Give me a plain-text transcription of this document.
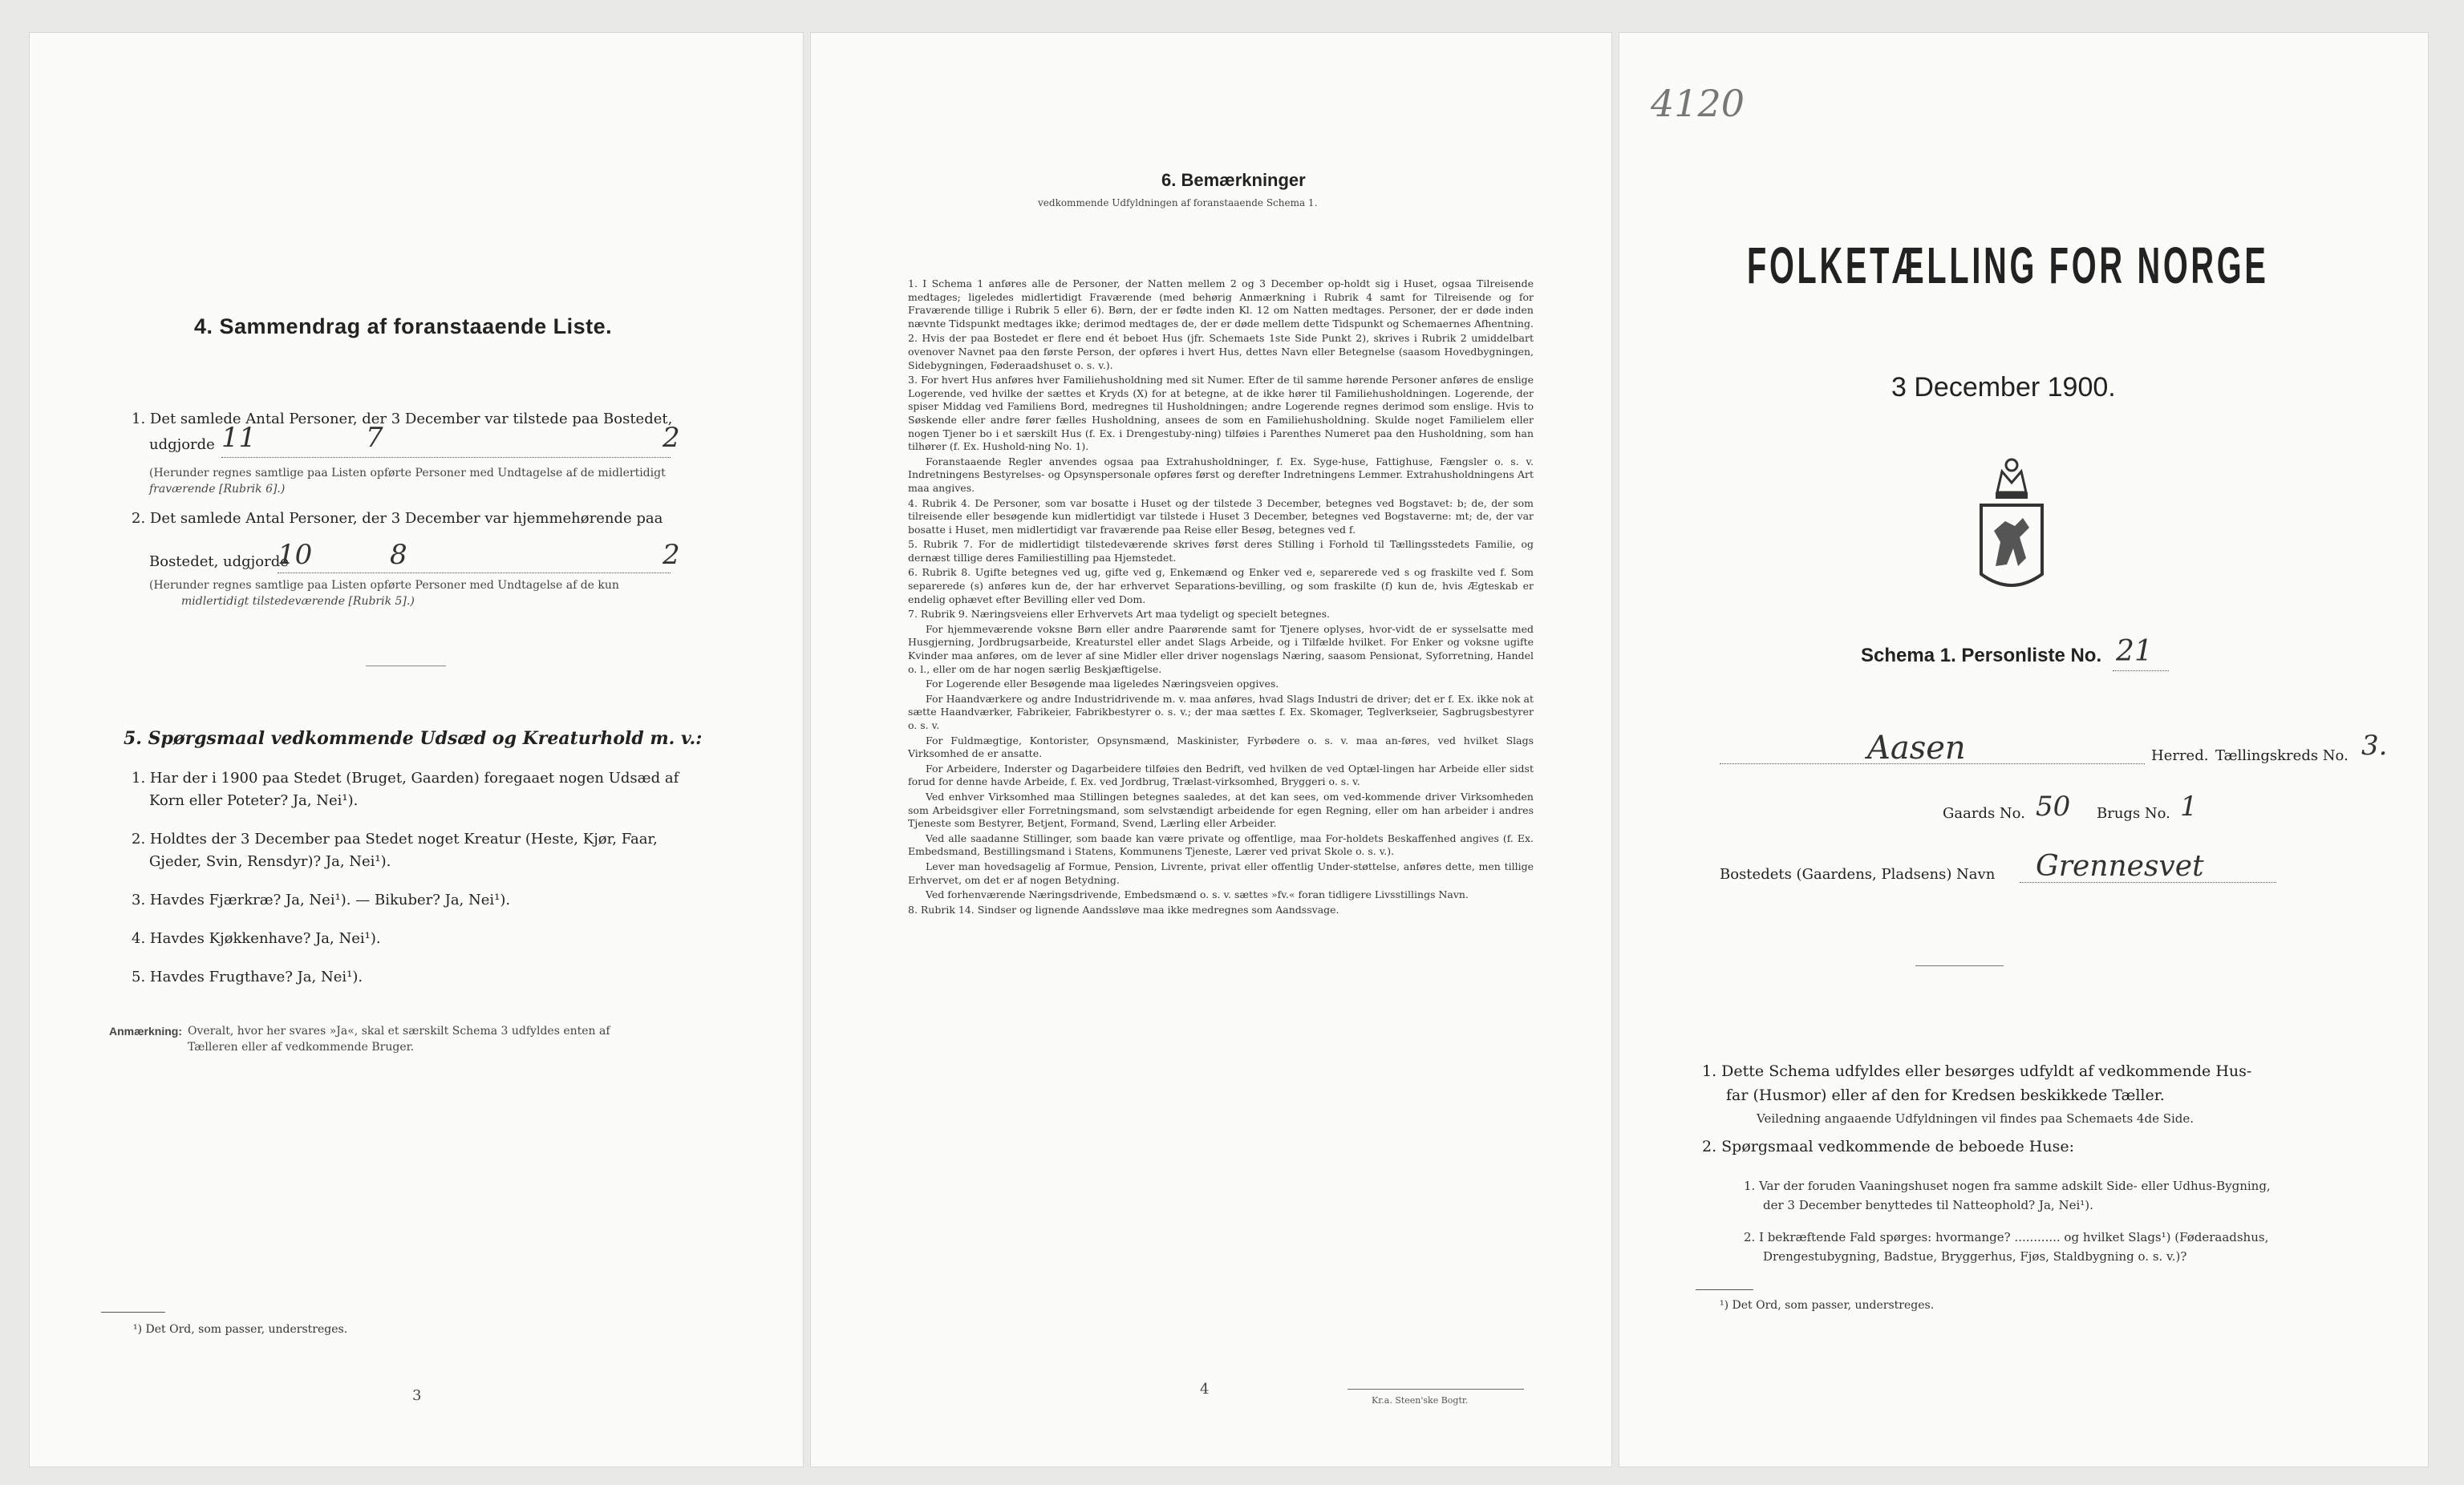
4. Sammendrag af foranstaaende Liste.
1. Det samlede Antal Personer, der 3 December var tilstede paa Bostedet,
udgjorde 11	7	2
(Herunder regnes samtlige paa Listen opførte Personer med Undtagelse af de midlertidigt
fraværende [Rubrik 6].)
2. Det samlede Antal Personer, der 3 December var hjemmehørende paa
Bostedet, udgjorde
10	8	2
(Herunder regnes samtlige paa Listen opførte Personer med Undtagelse af de kun
midlertidigt tilstedeværende [Rubrik 5].)
5. Spørgsmaal vedkommende Udsæd og Kreaturhold m. v.:
1. Har der i 1900 paa Stedet (Bruget, Gaarden) foregaaet nogen Udsæd af
Korn eller Poteter? Ja, Nei¹).
2. Holdtes der 3 December paa Stedet noget Kreatur (Heste, Kjør, Faar,
Gjeder, Svin, Rensdyr)? Ja, Nei¹).
3. Havdes Fjærkræ? Ja, Nei¹). — Bikuber? Ja, Nei¹).
4. Havdes Kjøkkenhave? Ja, Nei¹).
5. Havdes Frugthave? Ja, Nei¹).
Anmærkning: Overalt, hvor her svares »Ja«, skal et særskilt Schema 3 udfyldes enten af
Tælleren eller af vedkommende Bruger.
¹) Det Ord, som passer, understreges.
3
6. Bemærkninger
vedkommende Udfyldningen af foranstaaende Schema 1.

1. I Schema 1 anføres alle de Personer, der Natten mellem 2 og 3 December op-holdt sig i Huset, ogsaa Tilreisende medtages; ligeledes midlertidigt Fraværende (med behørig Anmærkning i Rubrik 4 samt for Tilreisende og for Fraværende tillige i Rubrik 5 eller 6). Børn, der er fødte inden Kl. 12 om Natten medtages. Personer, der er døde inden nævnte Tidspunkt medtages ikke; derimod medtages de, der er døde mellem dette Tidspunkt og Schemaernes Afhentning.

2. Hvis der paa Bostedet er flere end ét beboet Hus (jfr. Schemaets 1ste Side Punkt 2), skrives i Rubrik 2 umiddelbart ovenover Navnet paa den første Person, der opføres i hvert Hus, dettes Navn eller Betegnelse (saasom Hovedbygningen, Sidebygningen, Føderaadshuset o. s. v.).

3. For hvert Hus anføres hver Familiehusholdning med sit Numer. Efter de til samme hørende Personer anføres de enslige Logerende, ved hvilke der sættes et Kryds (X) for at betegne, at de ikke hører til Familiehusholdningen. Logerende, der spiser Middag ved Familiens Bord, medregnes til Husholdningen; andre Logerende regnes derimod som enslige. Hvis to Søskende eller andre fører fælles Husholdning, ansees de som en Familiehusholdning. Skulde noget Familielem eller nogen Tjener bo i et særskilt Hus (f. Ex. i Drengestuby-ning) tilføies i Parenthes Numeret paa den Husholdning, som han tilhører (f. Ex. Hushold-ning No. 1).

Foranstaaende Regler anvendes ogsaa paa Extrahusholdninger, f. Ex. Syge-huse, Fattighuse, Fængsler o. s. v. Indretningens Bestyrelses- og Opsynspersonale opføres først og derefter Indretningens Lemmer. Extrahusholdningens Art maa angives.

4. Rubrik 4. De Personer, som var bosatte i Huset og der tilstede 3 December, betegnes ved Bogstavet: b; de, der som tilreisende eller besøgende kun midlertidigt var tilstede i Huset 3 December, betegnes ved Bogstaverne: mt; de, der var bosatte i Huset, men midlertidigt var fraværende paa Reise eller Besøg, betegnes ved f.

5. Rubrik 7. For de midlertidigt tilstedeværende skrives først deres Stilling i Forhold til Tællingsstedets Familie, og dernæst tillige deres Familiestilling paa Hjemstedet.

6. Rubrik 8. Ugifte betegnes ved ug, gifte ved g, Enkemænd og Enker ved e, separerede ved s og fraskilte ved f. Som separerede (s) anføres kun de, der har erhvervet Separations-bevilling, og som fraskilte (f) kun de, hvis Ægteskab er endelig ophævet efter Bevilling eller ved Dom.

7. Rubrik 9. Næringsveiens eller Erhvervets Art maa tydeligt og specielt betegnes.

For hjemmeværende voksne Børn eller andre Paarørende samt for Tjenere oplyses, hvor-vidt de er sysselsatte med Husgjerning, Jordbrugsarbeide, Kreaturstel eller andet Slags Arbeide, og i Tilfælde hvilket. For Enker og voksne ugifte Kvinder maa anføres, om de lever af sine Midler eller driver nogenslags Næring, saasom Pensionat, Syforretning, Handel o. l., eller om de har nogen særlig Beskjæftigelse.

For Logerende eller Besøgende maa ligeledes Næringsveien opgives.

For Haandværkere og andre Industridrivende m. v. maa anføres, hvad Slags Industri de driver; det er f. Ex. ikke nok at sætte Haandværker, Fabrikeier, Fabrikbestyrer o. s. v.; der maa sættes f. Ex. Skomager, Teglverkseier, Sagbrugsbestyrer o. s. v.

For Fuldmægtige, Kontorister, Opsynsmænd, Maskinister, Fyrbødere o. s. v. maa an-føres, ved hvilket Slags Virksomhed de er ansatte.

For Arbeidere, Inderster og Dagarbeidere tilføies den Bedrift, ved hvilken de ved Optæl-lingen har Arbeide eller sidst forud for denne havde Arbeide, f. Ex. ved Jordbrug, Trælast-virksomhed, Bryggeri o. s. v.

Ved enhver Virksomhed maa Stillingen betegnes saaledes, at det kan sees, om ved-kommende driver Virksomheden som Arbeidsgiver eller Forretningsmand, som selvstændigt arbeidende for egen Regning, eller om han arbeider i andres Tjeneste som Bestyrer, Betjent, Formand, Svend, Lærling eller Arbeider.

Ved alle saadanne Stillinger, som baade kan være private og offentlige, maa For-holdets Beskaffenhed angives (f. Ex. Embedsmand, Bestillingsmand i Statens, Kommunens Tjeneste, Lærer ved privat Skole o. s. v.).

Lever man hovedsagelig af Formue, Pension, Livrente, privat eller offentlig Under-støttelse, anføres dette, men tillige Erhvervet, om det er af nogen Betydning.

Ved forhenværende Næringsdrivende, Embedsmænd o. s. v. sættes »fv.« foran tidligere Livsstillings Navn.

8. Rubrik 14. Sindser og lignende Aandssløve maa ikke medregnes som Aandssvage.

4
Kr.a. Steen'ske Bogtr.
4120
FOLKETÆLLING FOR NORGE
3 December 1900.
Schema 1. Personliste No. 21
Aasen	Herred. Tællingskreds No. 3.
Gaards No. 50 Brugs No. 1
Bostedets (Gaardens, Pladsens) Navn Grennesvet
1. Dette Schema udfyldes eller besørges udfyldt af vedkommende Hus-
far (Husmor) eller af den for Kredsen beskikkede Tæller.
Veiledning angaaende Udfyldningen vil findes paa Schemaets 4de Side.
2. Spørgsmaal vedkommende de beboede Huse:
1. Var der foruden Vaaningshuset nogen fra samme adskilt Side- eller Udhus-Bygning,
der 3 December benyttedes til Natteophold? Ja, Nei¹).
2. I bekræftende Fald spørges: hvormange? ............ og hvilket Slags¹) (Føderaadshus,
Drengestubygning, Badstue, Bryggerhus, Fjøs, Staldbygning o. s. v.)?
¹) Det Ord, som passer, understreges.
